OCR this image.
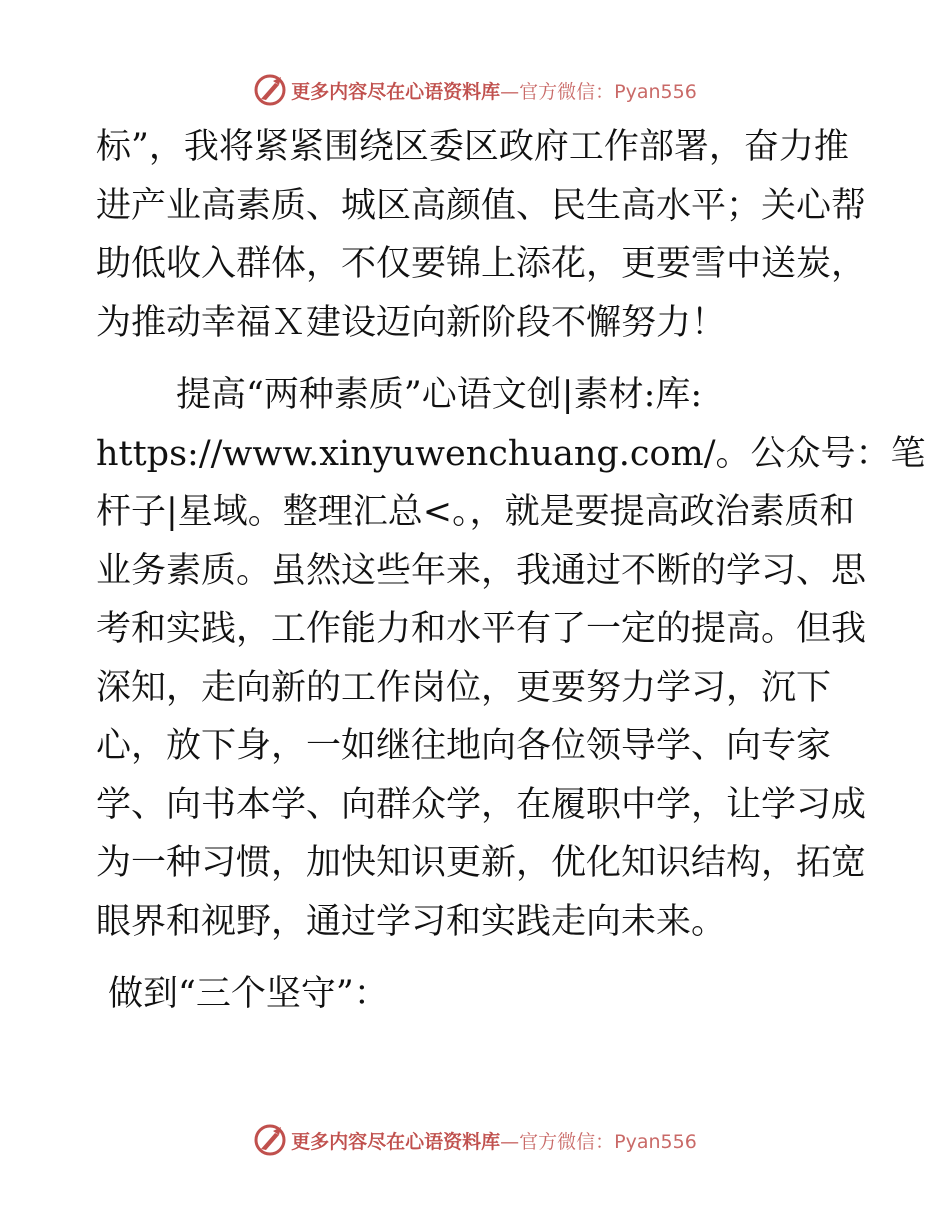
更多内容尽在心语资料库 —官方微信：Pyan556
标”，我将紧紧围绕区委区政府工作部署，奋力推
进产业高素质、城区高颜值、民生高水平；关心帮
助低收入群体，不仅要锦上添花，更要雪中送炭，
为推动幸福Ｘ建设迈向新阶段不懈努力！
提高“两种素质”心语文创|素材:库:
https://www.xinyuwenchuang.com/。公众号：笔
杆子|星域。整理汇总<。，就是要提高政治素质和
业务素质。虽然这些年来，我通过不断的学习、思
考和实践，工作能力和水平有了一定的提高。但我
深知，走向新的工作岗位，更要努力学习，沉下
心，放下身，一如继往地向各位领导学、向专家
学、向书本学、向群众学，在履职中学，让学习成
为一种习惯，加快知识更新，优化知识结构，拓宽
眼界和视野，通过学习和实践走向未来。
做到“三个坚守”：
更多内容尽在心语资料库 —官方微信：Pyan556
